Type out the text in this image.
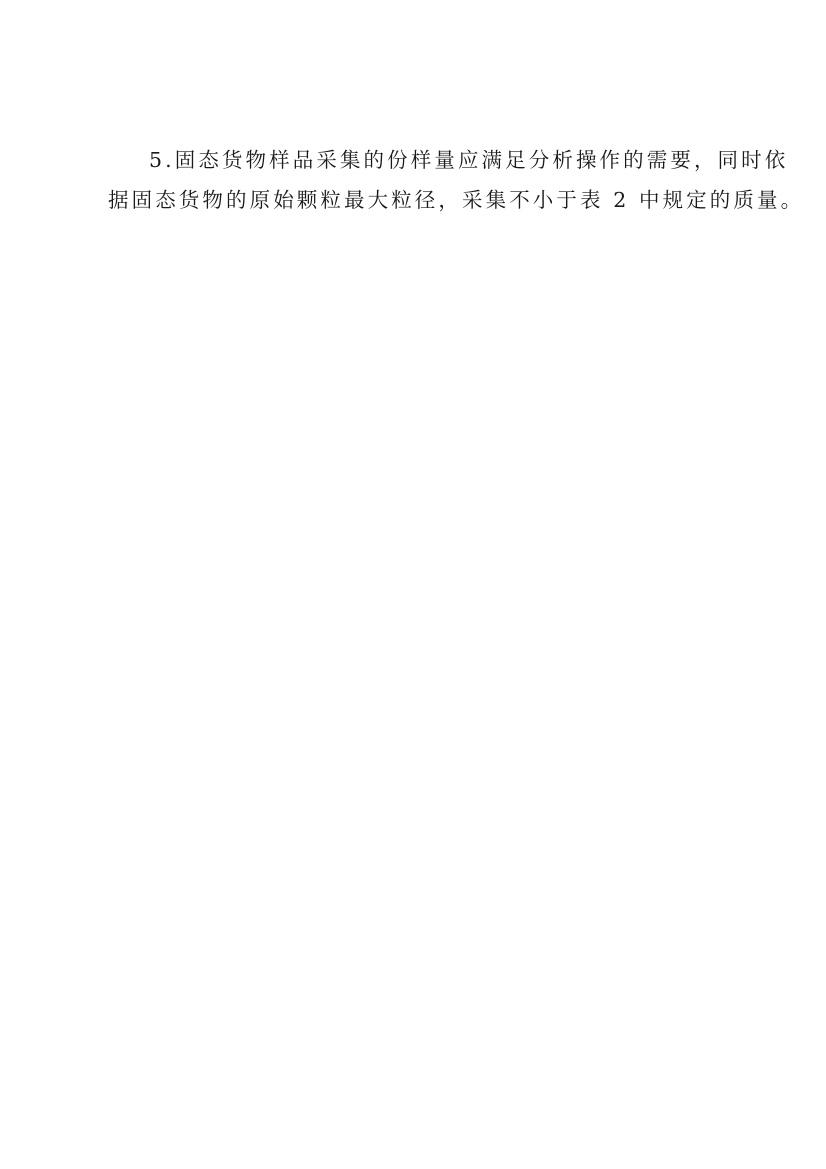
5.固态货物样品采集的份样量应满足分析操作的需要，同时依
据固态货物的原始颗粒最大粒径，采集不小于表 2 中规定的质量。
